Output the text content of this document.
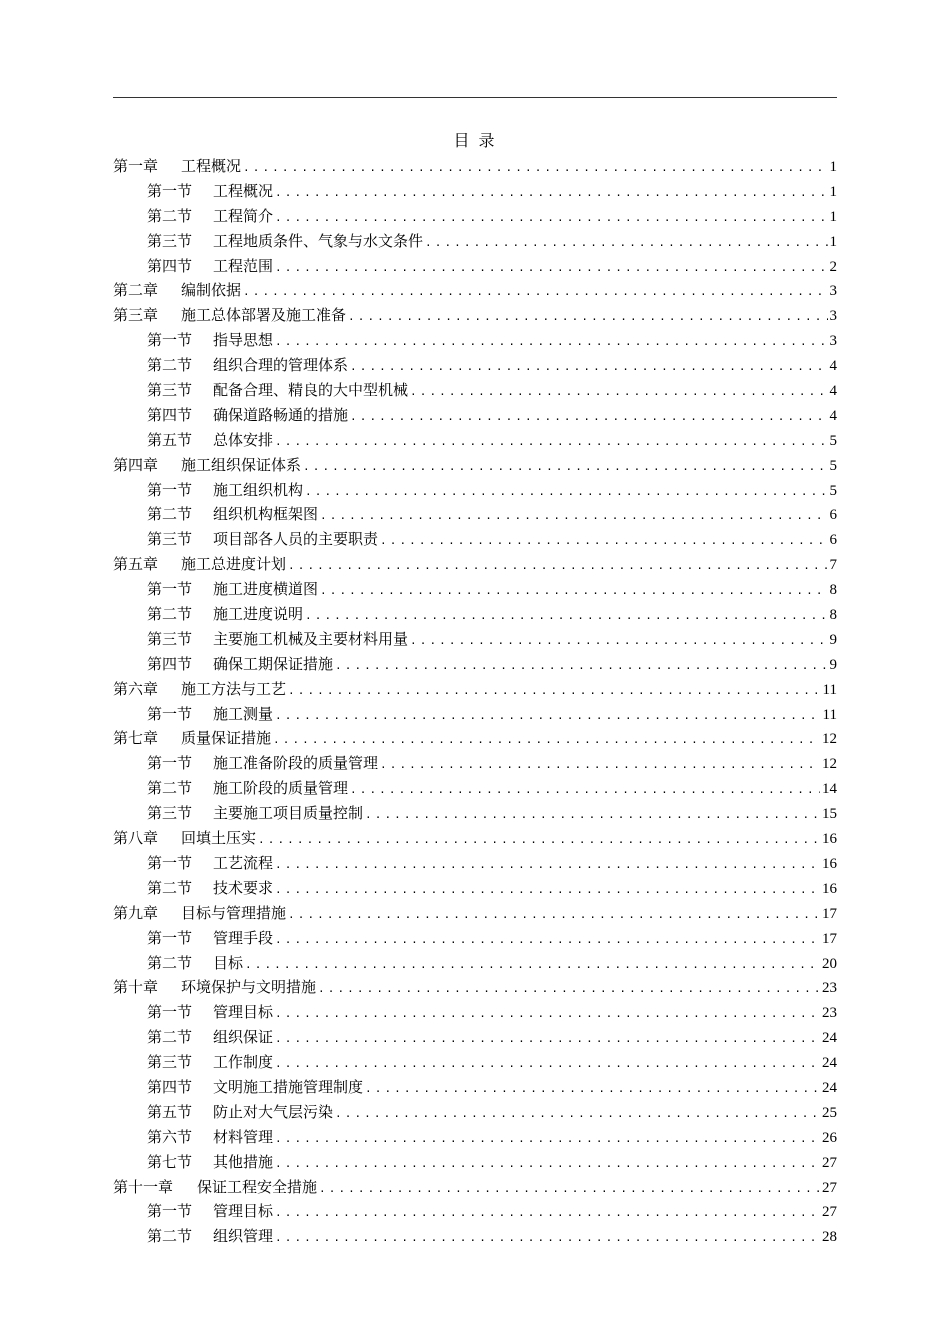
目 录
第一章 工程概况 .....	1
第一节 工程概况 .....	1
第二节 工程简介 .....	1
第三节 工程地质条件、气象与水文条件 .....	1
第四节 工程范围 .....	2
第二章 编制依据 .....	3
第三章 施工总体部署及施工准备 .....	3
第一节 指导思想 .....	3
第二节 组织合理的管理体系 .....	4
第三节 配备合理、精良的大中型机械 .....	4
第四节 确保道路畅通的措施 .....	4
第五节 总体安排 .....	5
第四章 施工组织保证体系 .....	5
第一节 施工组织机构 .....	5
第二节 组织机构框架图 .....	6
第三节 项目部各人员的主要职责 .....	6
第五章 施工总进度计划 .....	7
第一节 施工进度横道图 .....	8
第二节 施工进度说明 .....	8
第三节 主要施工机械及主要材料用量 .....	9
第四节 确保工期保证措施 .....	9
第六章 施工方法与工艺 .....	11
第一节 施工测量 .....	11
第七章 质量保证措施 .....	12
第一节 施工准备阶段的质量管理 .....	12
第二节 施工阶段的质量管理 .....	14
第三节 主要施工项目质量控制 .....	15
第八章 回填土压实 .....	16
第一节 工艺流程 .....	16
第二节 技术要求 .....	16
第九章 目标与管理措施 .....	17
第一节 管理手段 .....	17
第二节 目标 .....	20
第十章 环境保护与文明措施 .....	23
第一节 管理目标 .....	23
第二节 组织保证 .....	24
第三节 工作制度 .....	24
第四节 文明施工措施管理制度 .....	24
第五节 防止对大气层污染 .....	25
第六节 材料管理 .....	26
第七节 其他措施 .....	27
第十一章 保证工程安全措施 .....	27
第一节 管理目标 .....	27
第二节 组织管理 .....	28
